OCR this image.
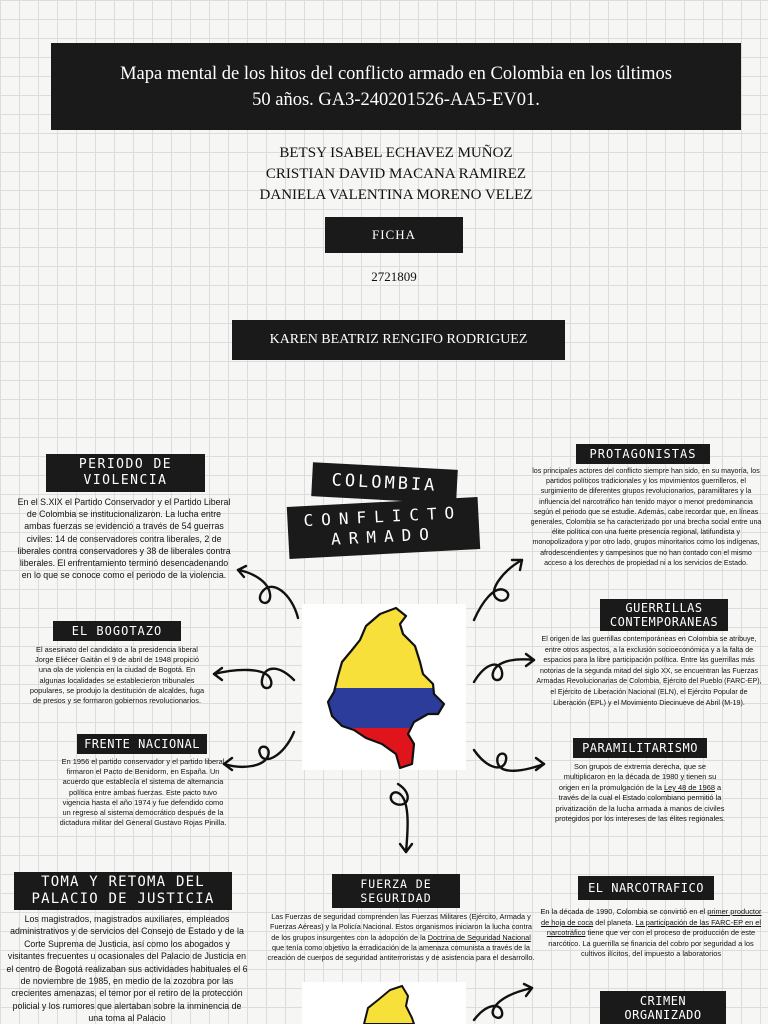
Mapa mental de los hitos del conflicto armado en Colombia en los últimos
50 años. GA3-240201526-AA5-EV01.
BETSY ISABEL ECHAVEZ MUÑOZ
CRISTIAN DAVID MACANA RAMIREZ
DANIELA VALENTINA MORENO VELEZ
FICHA
2721809
KAREN BEATRIZ RENGIFO RODRIGUEZ
COLOMBIA
CONFLICTO
ARMADO
PERIODO DE
VIOLENCIA
En el S.XIX el Partido Conservador y el Partido Liberal de Colombia se institucionalizaron. La lucha entre ambas fuerzas se evidenció a través de 54 guerras civiles: 14 de conservadores contra liberales, 2 de liberales contra conservadores y 38 de liberales contra liberales. El enfrentamiento terminó desencadenando en lo que se conoce como el periodo de la violencia.
EL BOGOTAZO
El asesinato del candidato a la presidencia liberal Jorge Eliécer Gaitán el 9 de abril de 1948 propició una ola de violencia en la ciudad de Bogotá. En algunas localidades se establecieron tribunales populares, se produjo la destitución de alcaldes, fuga de presos y se formaron gobiernos revolucionarios.
FRENTE NACIONAL
En 1956 el partido conservador y el partido liberal firmaron el Pacto de Benidorm, en España. Un acuerdo que establecía el sistema de alternancia política entre ambas fuerzas. Este pacto tuvo vigencia hasta el año 1974 y fue defendido como un regreso al sistema democrático después de la dictadura militar del General Gustavo Rojas Pinilla.
PROTAGONISTAS
los principales actores del conflicto siempre han sido, en su mayoría, los partidos políticos tradicionales y los movimientos guerrilleros, el surgimiento de diferentes grupos revolucionarios, paramilitares y la influencia del narcotráfico han tenido mayor o menor predominancia según el periodo que se estudie. Además, cabe recordar que, en líneas generales, Colombia se ha caracterizado por una brecha social entre una élite política con una fuerte presencia regional, latifundista y monopolizadora y por otro lado, grupos minoritarios como los indígenas, afrodescendientes y campesinos que no han contado con el mismo acceso a los derechos de propiedad ni a los servicios de Estado.
GUERRILLAS
CONTEMPORANEAS
El origen de las guerrillas contemporáneas en Colombia se atribuye, entre otros aspectos, a la exclusión socioeconómica y a la falta de espacios para la libre participación política. Entre las guerrillas más notorias de la segunda mitad del siglo XX, se encuentran las Fuerzas Armadas Revolucionarias de Colombia, Ejército del Pueblo (FARC-EP), el Ejército de Liberación Nacional (ELN), el Ejército Popular de Liberación (EPL) y el Movimiento Diecinueve de Abril (M-19).
PARAMILITARISMO
Son grupos de extrema derecha, que se multiplicaron en la década de 1980 y tienen su origen en la promulgación de la Ley 48 de 1968 a través de la cual el Estado colombiano permitió la privatización de la lucha armada a manos de civiles protegidos por los intereses de las élites regionales.
TOMA Y RETOMA DEL
PALACIO DE JUSTICIA
Los magistrados, magistrados auxiliares, empleados administrativos y de servicios del Consejo de Estado y de la Corte Suprema de Justicia, así como los abogados y visitantes frecuentes u ocasionales del Palacio de Justicia en el centro de Bogotá realizaban sus actividades habituales el 6 de noviembre de 1985, en medio de la zozobra por las crecientes amenazas, el temor por el retiro de la protección policial y los rumores que alertaban sobre la inminencia de una toma al Palacio
FUERZA DE
SEGURIDAD
Las Fuerzas de seguridad comprenden las Fuerzas Militares (Ejército, Armada y Fuerzas Aéreas) y la Policía Nacional. Estos organismos iniciaron la lucha contra de los grupos insurgentes con la adopción de la Doctrina de Seguridad Nacional que tenía como objetivo la erradicación de la amenaza comunista a través de la creación de cuerpos de seguridad antiterroristas y de asistencia para el desarrollo.
EL NARCOTRAFICO
En la década de 1990, Colombia se convirtió en el primer productor de hoja de coca del planeta. La participación de las FARC-EP en el narcotráfico tiene que ver con el proceso de producción de este narcótico. La guerrilla se financia del cobro por seguridad a los cultivos ilícitos, del impuesto a laboratorios
CRIMEN
ORGANIZADO
